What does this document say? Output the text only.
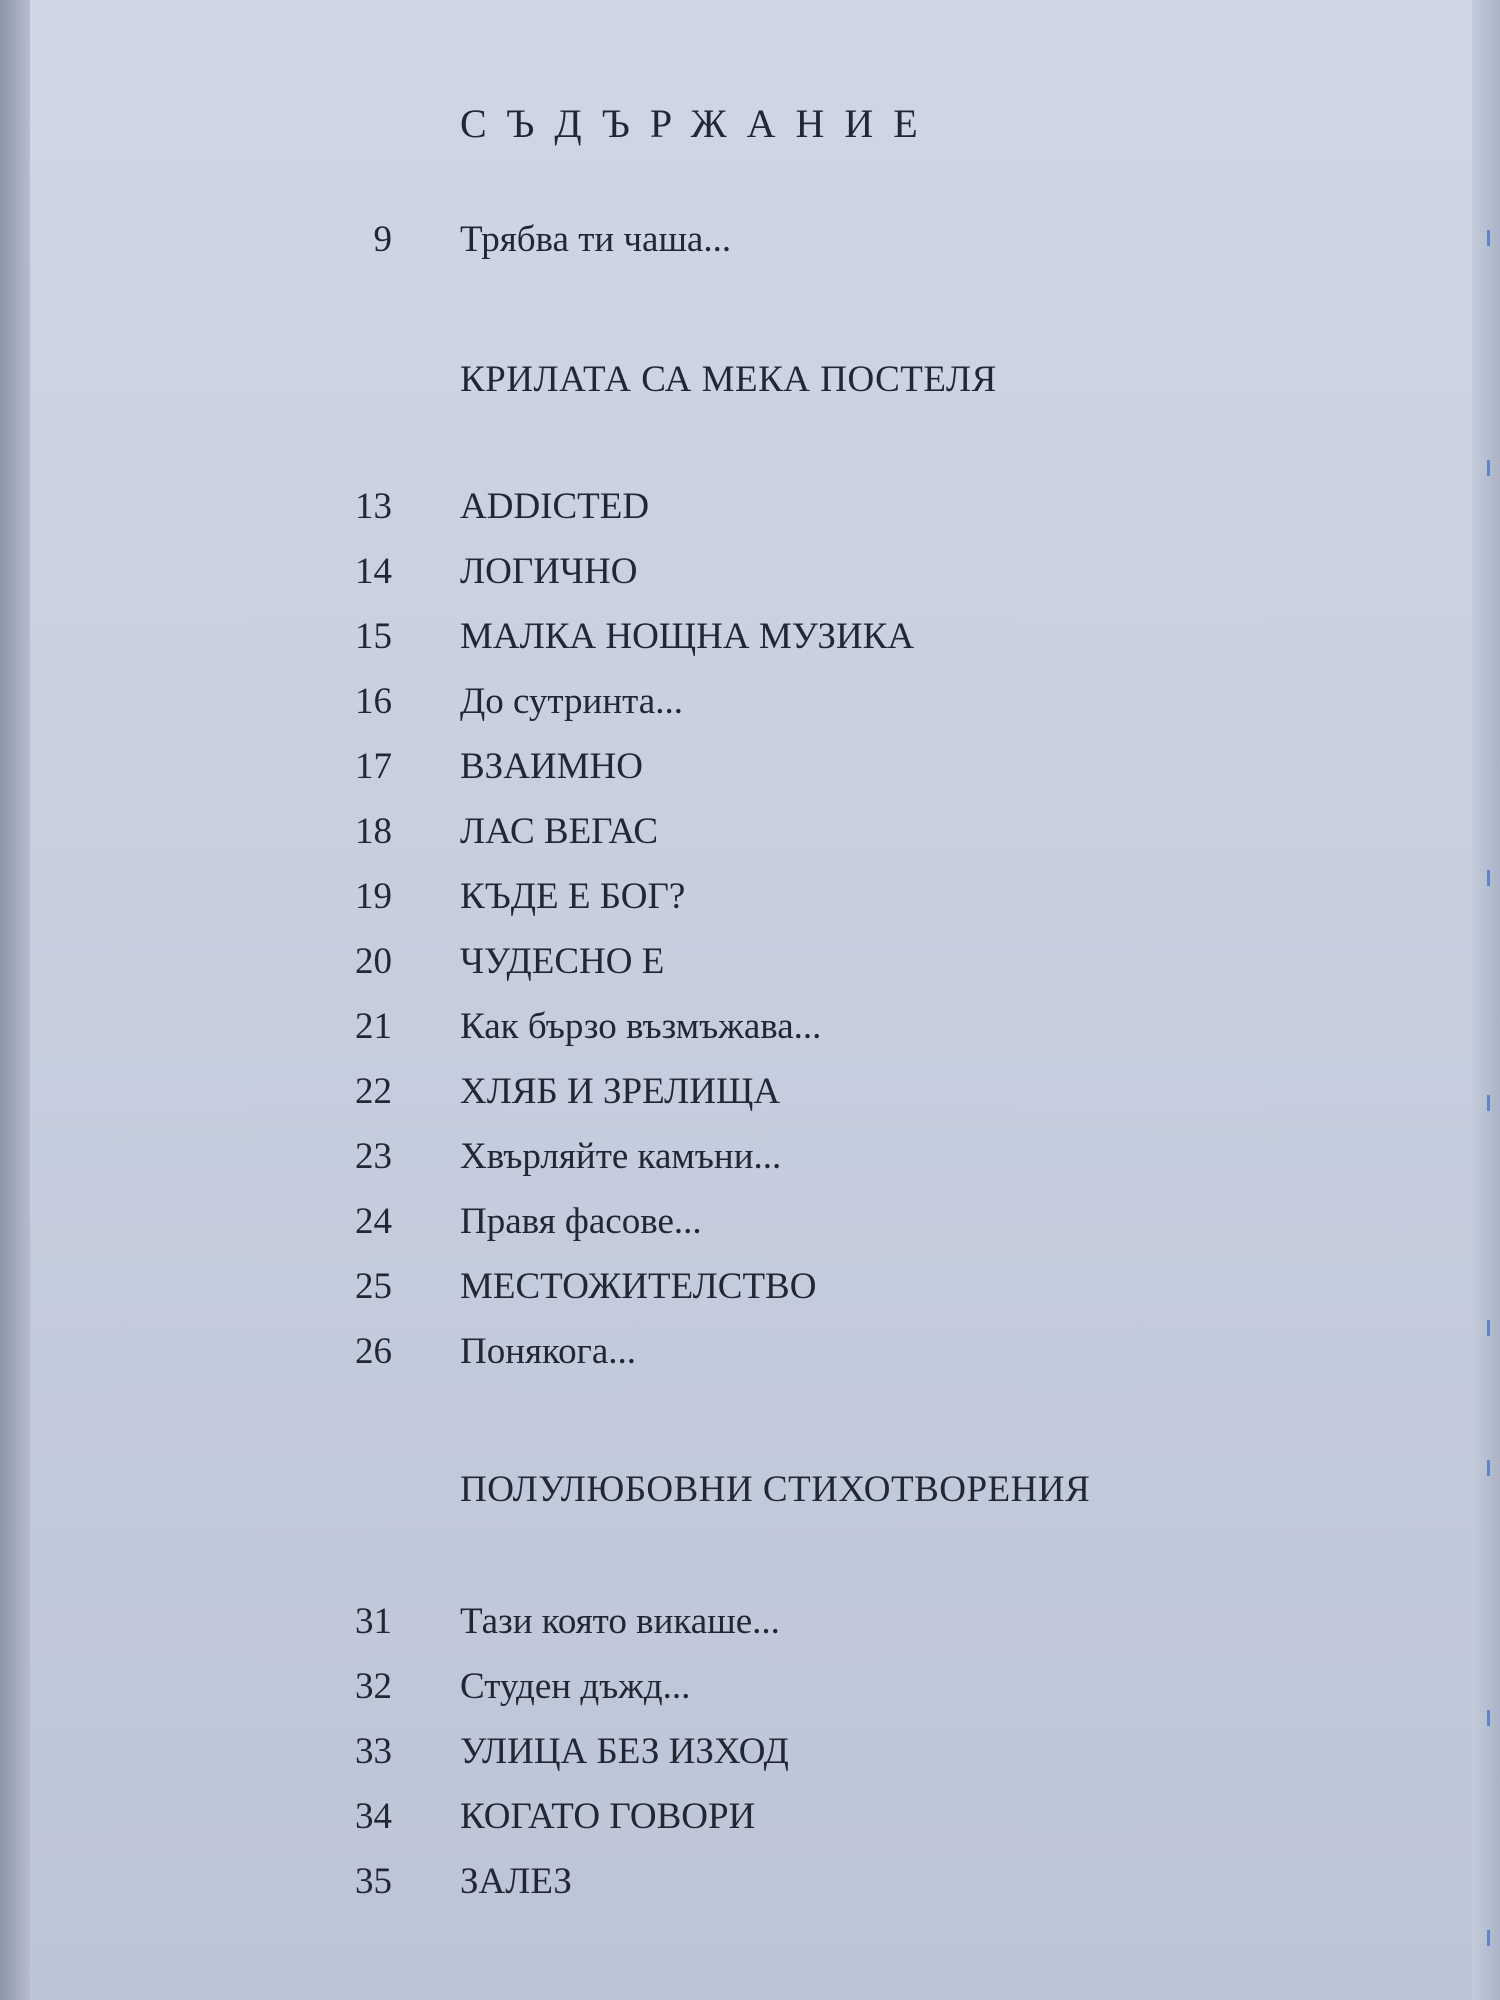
СЪДЪРЖАНИЕ
9 Трябва ти чаша...
КРИЛАТА СА МЕКА ПОСТЕЛЯ
13 ADDICTED
14 ЛОГИЧНО
15 МАЛКА НОЩНА МУЗИКА
16 До сутринта...
17 ВЗАИМНО
18 ЛАС ВЕГАС
19 КЪДЕ Е БОГ?
20 ЧУДЕСНО Е
21 Как бързо възмъжава...
22 ХЛЯБ И ЗРЕЛИЩА
23 Хвърляйте камъни...
24 Правя фасове...
25 МЕСТОЖИТЕЛСТВО
26 Понякога...
ПОЛУЛЮБОВНИ СТИХОТВОРЕНИЯ
31 Тази която викаше...
32 Студен дъжд...
33 УЛИЦА БЕЗ ИЗХОД
34 КОГАТО ГОВОРИ
35 ЗАЛЕЗ
